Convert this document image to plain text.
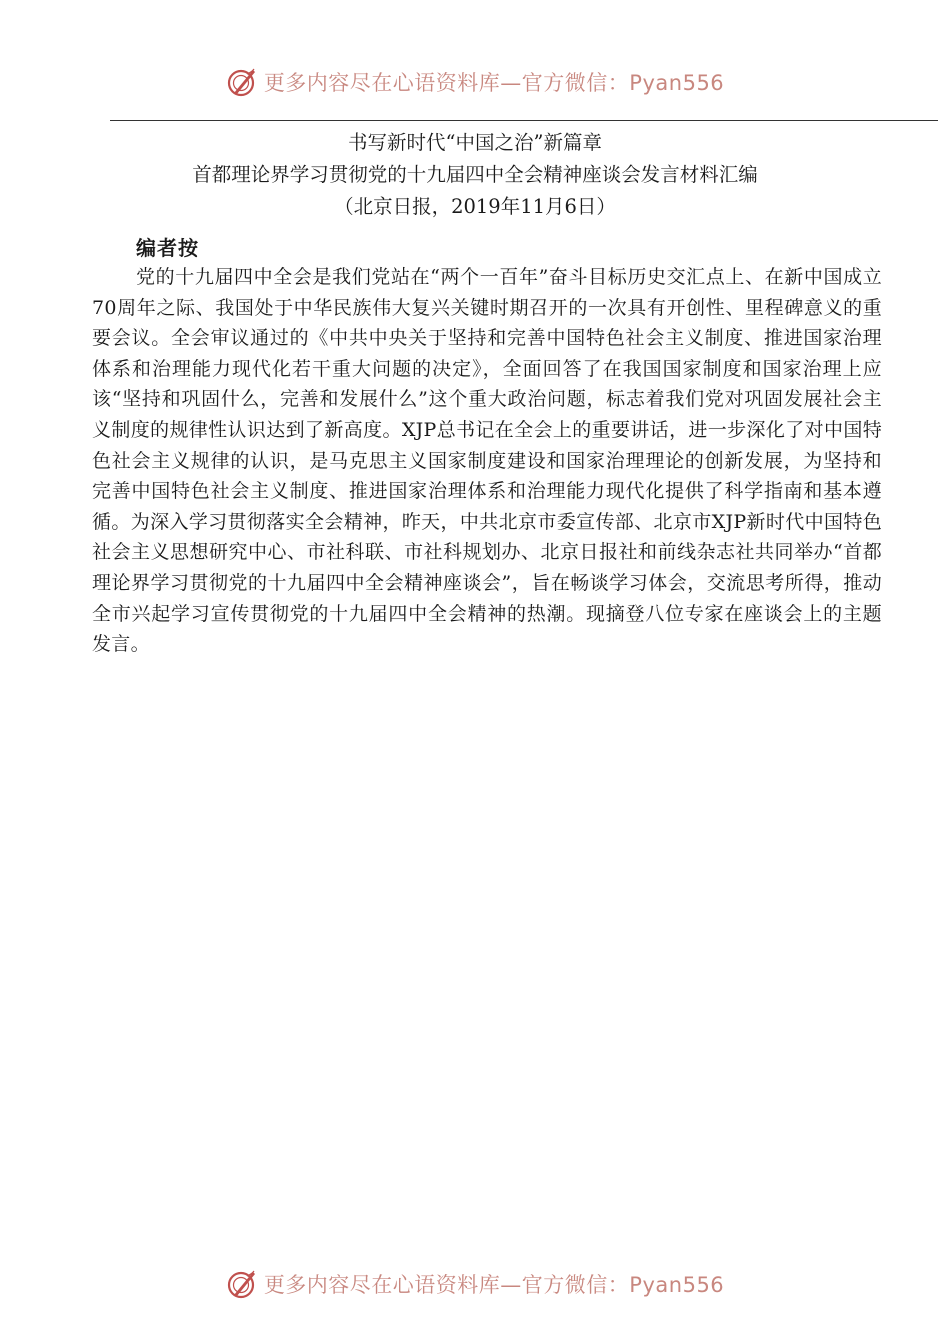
更多内容尽在心语资料库—官方微信：Pyan556
书写新时代“中国之治”新篇章
首都理论界学习贯彻党的十九届四中全会精神座谈会发言材料汇编
（北京日报，2019年11月6日）
编者按

党的十九届四中全会是我们党站在“两个一百年”奋斗目标历史交汇点上、在新中国成立70周年之际、我国处于中华民族伟大复兴关键时期召开的一次具有开创性、里程碑意义的重要会议。全会审议通过的《中共中央关于坚持和完善中国特色社会主义制度、推进国家治理体系和治理能力现代化若干重大问题的决定》，全面回答了在我国国家制度和国家治理上应该“坚持和巩固什么，完善和发展什么”这个重大政治问题，标志着我们党对巩固发展社会主义制度的规律性认识达到了新高度。XJP总书记在全会上的重要讲话，进一步深化了对中国特色社会主义规律的认识，是马克思主义国家制度建设和国家治理理论的创新发展，为坚持和完善中国特色社会主义制度、推进国家治理体系和治理能力现代化提供了科学指南和基本遵循。为深入学习贯彻落实全会精神，昨天，中共北京市委宣传部、北京市XJP新时代中国特色社会主义思想研究中心、市社科联、市社科规划办、北京日报社和前线杂志社共同举办“首都理论界学习贯彻党的十九届四中全会精神座谈会”，旨在畅谈学习体会，交流思考所得，推动全市兴起学习宣传贯彻党的十九届四中全会精神的热潮。现摘登八位专家在座谈会上的主题发言。

更多内容尽在心语资料库—官方微信：Pyan556
